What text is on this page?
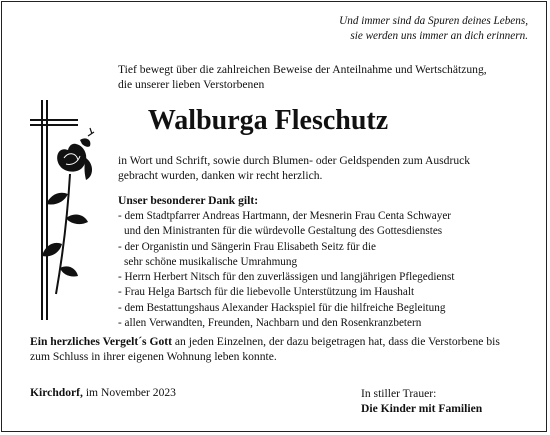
Und immer sind da Spuren deines Lebens,
sie werden uns immer an dich erinnern.
Tief bewegt über die zahlreichen Beweise der Anteilnahme und Wertschätzung,
die unserer lieben Verstorbenen
Walburga Fleschutz
in Wort und Schrift, sowie durch Blumen- oder Geldspenden zum Ausdruck
gebracht wurden, danken wir recht herzlich.
Unser besonderer Dank gilt:
- dem Stadtpfarrer Andreas Hartmann, der Mesnerin Frau Centa Schwayer
und den Ministranten für die würdevolle Gestaltung des Gottesdienstes
- der Organistin und Sängerin Frau Elisabeth Seitz für die
sehr schöne musikalische Umrahmung
- Herrn Herbert Nitsch für den zuverlässigen und langjährigen Pflegedienst
- Frau Helga Bartsch für die liebevolle Unterstützung im Haushalt
- dem Bestattungshaus Alexander Hackspiel für die hilfreiche Begleitung
- allen Verwandten, Freunden, Nachbarn und den Rosenkranzbetern
Ein herzliches Vergelt´s Gott an jeden Einzelnen, der dazu beigetragen hat, dass die Verstorbene bis
zum Schluss in ihrer eigenen Wohnung leben konnte.
Kirchdorf, im November 2023	In stiller Trauer:
Die Kinder mit Familien
